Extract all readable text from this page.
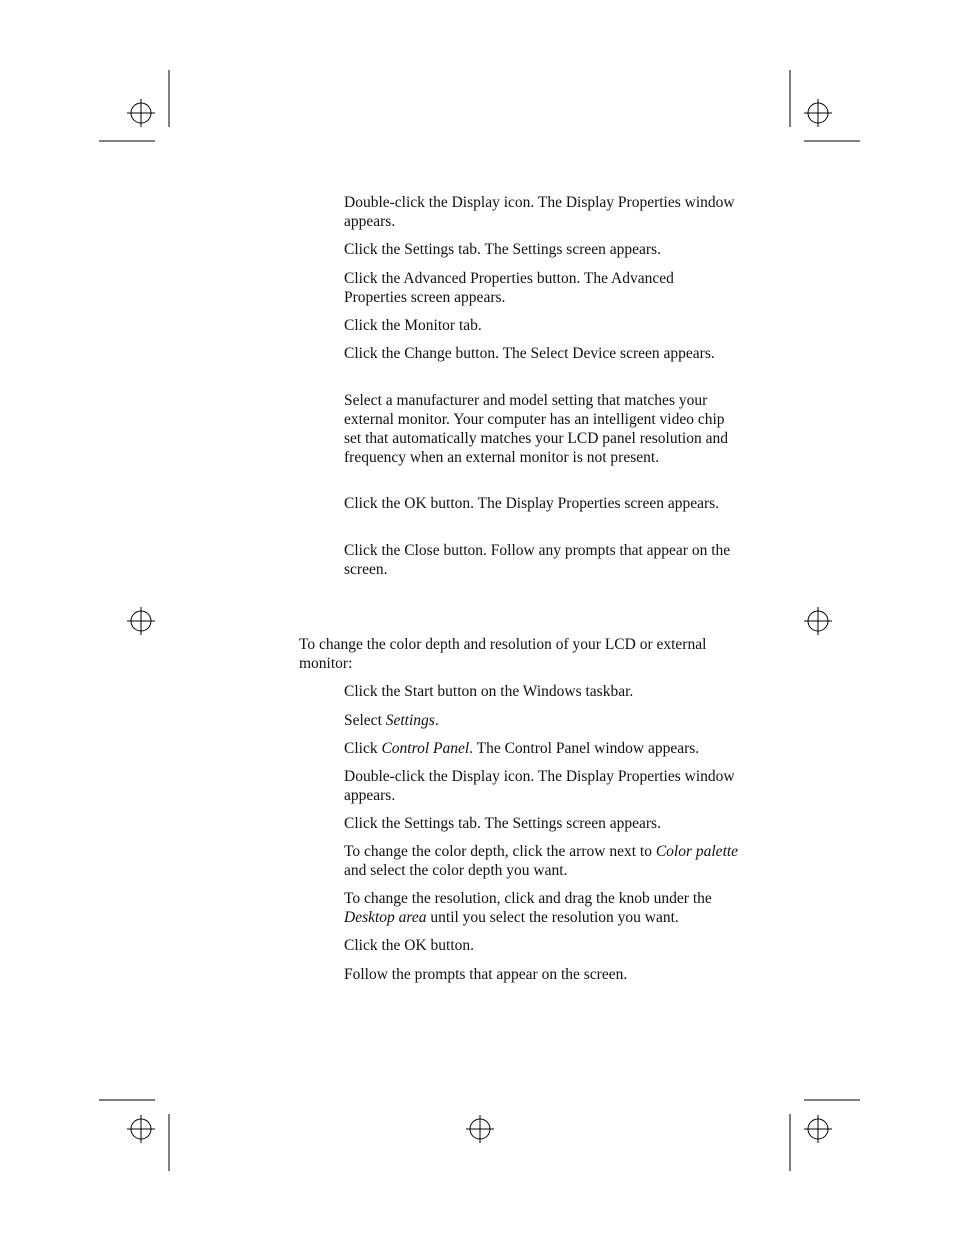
Double-click the Display icon. The Display Properties window appears.

Click the Settings tab. The Settings screen appears.

Click the Advanced Properties button. The Advanced Properties screen appears.

Click the Monitor tab.

Click the Change button. The Select Device screen appears.

Select a manufacturer and model setting that matches your external monitor. Your computer has an intelligent video chip set that automatically matches your LCD panel resolution and frequency when an external monitor is not present.

Click the OK button. The Display Properties screen appears.

Click the Close button. Follow any prompts that appear on the screen.

To change the color depth and resolution of your LCD or external monitor:

Click the Start button on the Windows taskbar.

Select Settings.

Click Control Panel. The Control Panel window appears.

Double-click the Display icon. The Display Properties window appears.

Click the Settings tab. The Settings screen appears.

To change the color depth, click the arrow next to Color palette and select the color depth you want.

To change the resolution, click and drag the knob under the Desktop area until you select the resolution you want.

Click the OK button.

Follow the prompts that appear on the screen.
